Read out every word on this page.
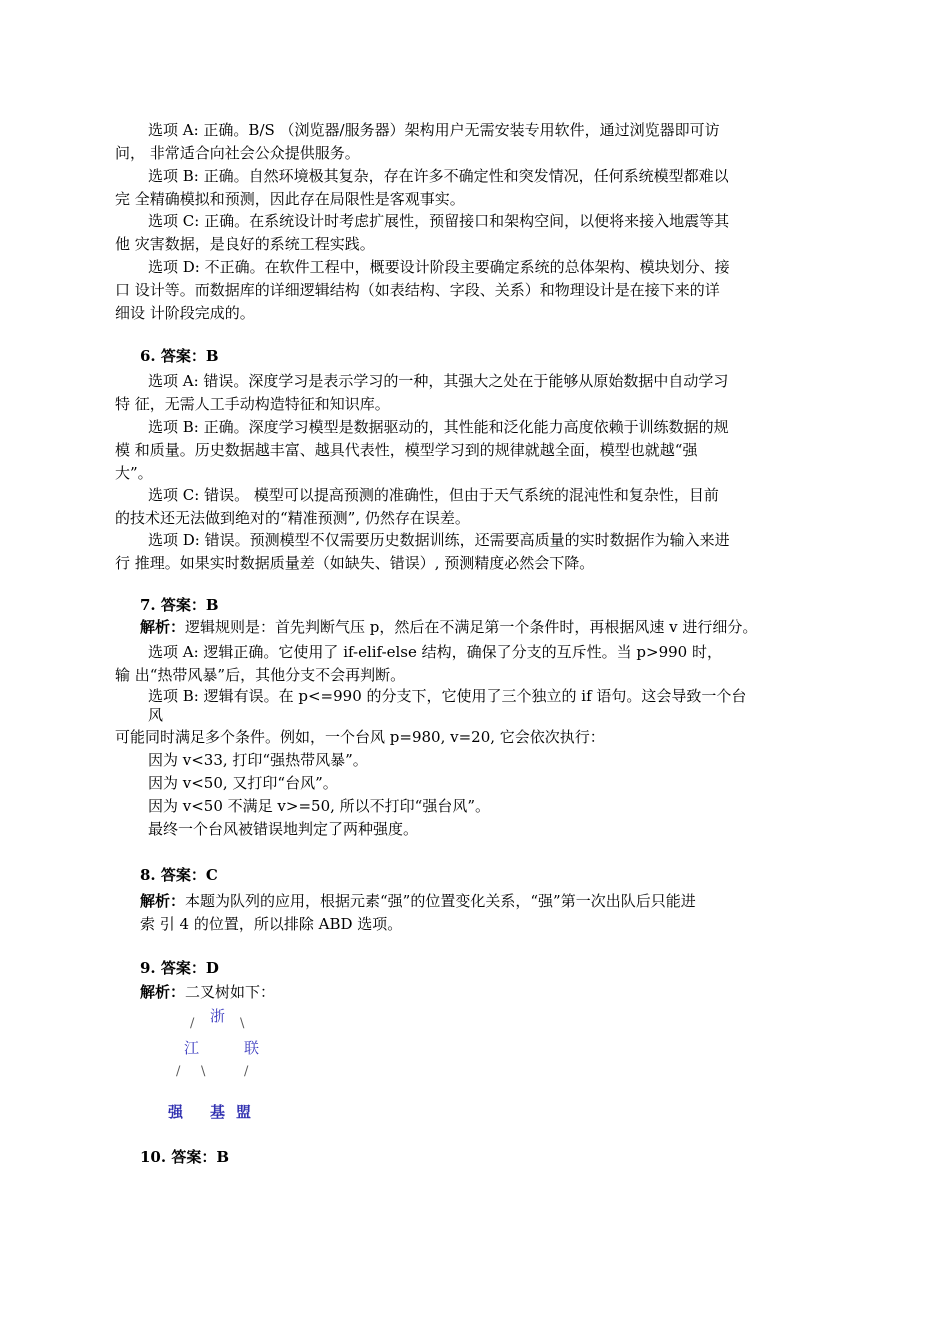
选项 A: 正确。B/S （浏览器/服务器）架构用户无需安装专用软件，通过浏览器即可访
问， 非常适合向社会公众提供服务。
选项 B: 正确。自然环境极其复杂，存在许多不确定性和突发情况，任何系统模型都难以
完 全精确模拟和预测，因此存在局限性是客观事实。
选项 C: 正确。在系统设计时考虑扩展性，预留接口和架构空间，以便将来接入地震等其
他 灾害数据，是良好的系统工程实践。
选项 D: 不正确。在软件工程中，概要设计阶段主要确定系统的总体架构、模块划分、接
口 设计等。而数据库的详细逻辑结构（如表结构、字段、关系）和物理设计是在接下来的详
细设 计阶段完成的。
6. 答案：B
选项 A: 错误。深度学习是表示学习的一种，其强大之处在于能够从原始数据中自动学习
特 征，无需人工手动构造特征和知识库。
选项 B: 正确。深度学习模型是数据驱动的，其性能和泛化能力高度依赖于训练数据的规
模 和质量。历史数据越丰富、越具代表性，模型学习到的规律就越全面，模型也就越“强
大”。
选项 C: 错误。 模型可以提高预测的准确性，但由于天气系统的混沌性和复杂性，目前
的技术还无法做到绝对的“精准预测”, 仍然存在误差。
选项 D: 错误。预测模型不仅需要历史数据训练，还需要高质量的实时数据作为输入来进
行 推理。如果实时数据质量差（如缺失、错误）, 预测精度必然会下降。
7. 答案：B
解析：逻辑规则是：首先判断气压 p，然后在不满足第一个条件时，再根据风速 v 进行细分。
选项 A: 逻辑正确。它使用了 if-elif-else 结构，确保了分支的互斥性。当 p>990 时，
输 出“热带风暴”后，其他分支不会再判断。
选项 B: 逻辑有误。在 p<=990 的分支下，它使用了三个独立的 if 语句。这会导致一个台
风
可能同时满足多个条件。例如，一个台风 p=980, v=20, 它会依次执行：
因为 v<33, 打印“强热带风暴”。
因为 v<50, 又打印“台风”。
因为 v<50 不满足 v>=50, 所以不打印“强台风”。
最终一个台风被错误地判定了两种强度。
8. 答案：C
解析：本题为队列的应用，根据元素“强”的位置变化关系，“强”第一次出队后只能进
索 引 4 的位置，所以排除 ABD 选项。
9. 答案：D
解析：二叉树如下：
/ 浙 \
江	联
/ \	/
强 基 盟
10. 答案：B
